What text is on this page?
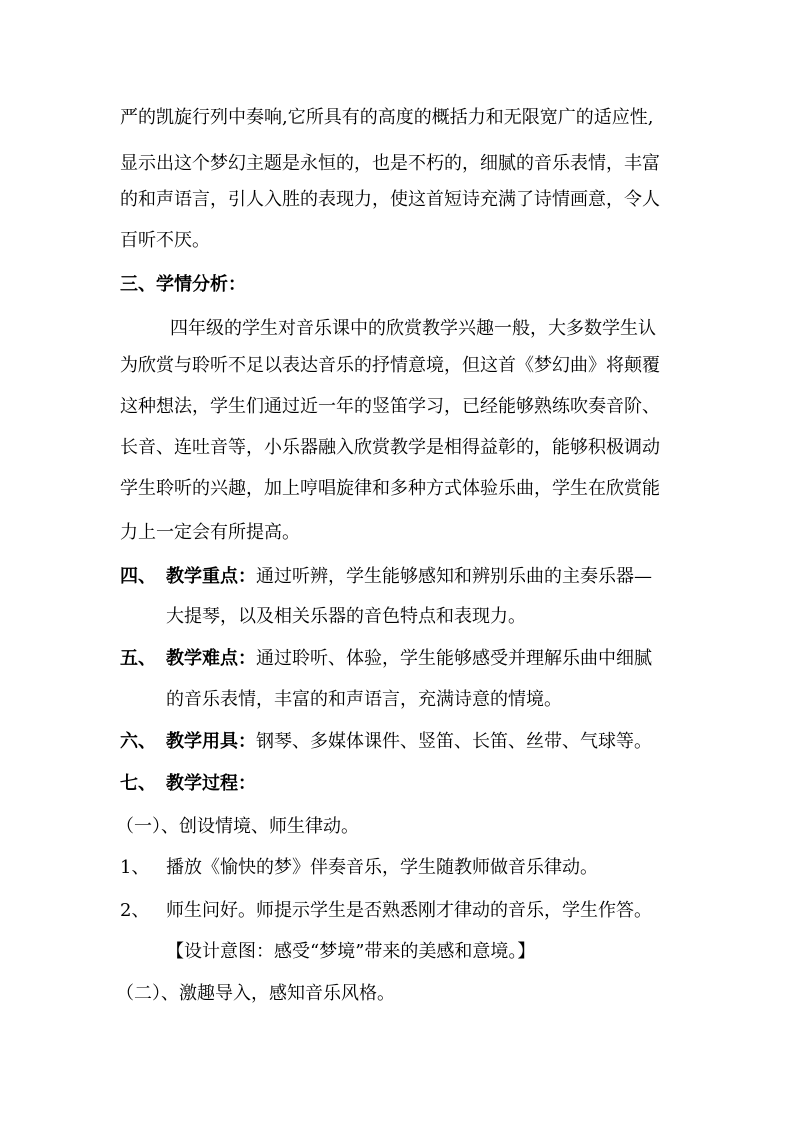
严的凯旋行列中奏响,它所具有的高度的概括力和无限宽广的适应性,
显示出这个梦幻主题是永恒的，也是不朽的，细腻的音乐表情，丰富
的和声语言，引人入胜的表现力，使这首短诗充满了诗情画意，令人
百听不厌。
三、学情分析：
四年级的学生对音乐课中的欣赏教学兴趣一般，大多数学生认
为欣赏与聆听不足以表达音乐的抒情意境，但这首《梦幻曲》将颠覆
这种想法，学生们通过近一年的竖笛学习，已经能够熟练吹奏音阶、
长音、连吐音等，小乐器融入欣赏教学是相得益彰的，能够积极调动
学生聆听的兴趣，加上哼唱旋律和多种方式体验乐曲，学生在欣赏能
力上一定会有所提高。
四、 教学重点：通过听辨，学生能够感知和辨别乐曲的主奏乐器—
大提琴，以及相关乐器的音色特点和表现力。
五、 教学难点：通过聆听、体验，学生能够感受并理解乐曲中细腻
的音乐表情，丰富的和声语言，充满诗意的情境。
六、 教学用具：钢琴、多媒体课件、竖笛、长笛、丝带、气球等。
七、 教学过程：
（一）、创设情境、师生律动。
1、 播放《愉快的梦》伴奏音乐，学生随教师做音乐律动。
2、 师生问好。师提示学生是否熟悉刚才律动的音乐，学生作答。
【设计意图：感受“梦境”带来的美感和意境。】
（二）、激趣导入，感知音乐风格。
